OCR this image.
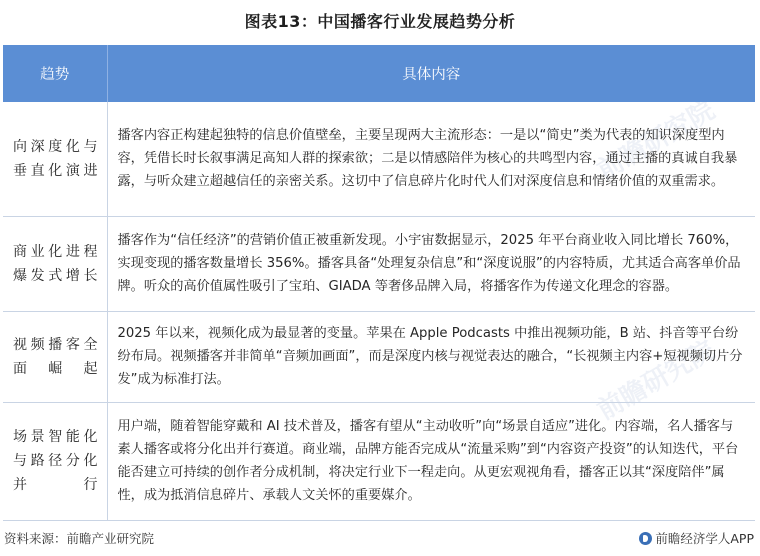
图表13：中国播客行业发展趋势分析
前瞻研究院
前瞻研究院
趋势	具体内容
向深度化与垂直化演进	播客内容正构建起独特的信息价值壁垒，主要呈现两大主流形态：一是以“简史”类为代表的知识深度型内容，凭借长时长叙事满足高知人群的探索欲；二是以情感陪伴为核心的共鸣型内容，通过主播的真诚自我暴露，与听众建立超越信任的亲密关系。这切中了信息碎片化时代人们对深度信息和情绪价值的双重需求。
商业化进程爆发式增长	播客作为“信任经济”的营销价值正被重新发现。小宇宙数据显示，2025 年平台商业收入同比增长 760%，实现变现的播客数量增长 356%。播客具备“处理复杂信息”和“深度说服”的内容特质，尤其适合高客单价品牌。听众的高价值属性吸引了宝珀、GIADA 等奢侈品牌入局，将播客作为传递文化理念的容器。
视频播客全面崛起	2025 年以来，视频化成为最显著的变量。苹果在 Apple Podcasts 中推出视频功能，B 站、抖音等平台纷纷布局。视频播客并非简单“音频加画面”，而是深度内核与视觉表达的融合，“长视频主内容+短视频切片分发”成为标准打法。
场景智能化与路径分化并行	用户端，随着智能穿戴和 AI 技术普及，播客有望从“主动收听”向“场景自适应”进化。内容端，名人播客与素人播客或将分化出并行赛道。商业端，品牌方能否完成从“流量采购”到“内容资产投资”的认知迭代，平台能否建立可持续的创作者分成机制，将决定行业下一程走向。从更宏观视角看，播客正以其“深度陪伴”属性，成为抵消信息碎片、承载人文关怀的重要媒介。
资料来源：前瞻产业研究院	前瞻经济学人APP
